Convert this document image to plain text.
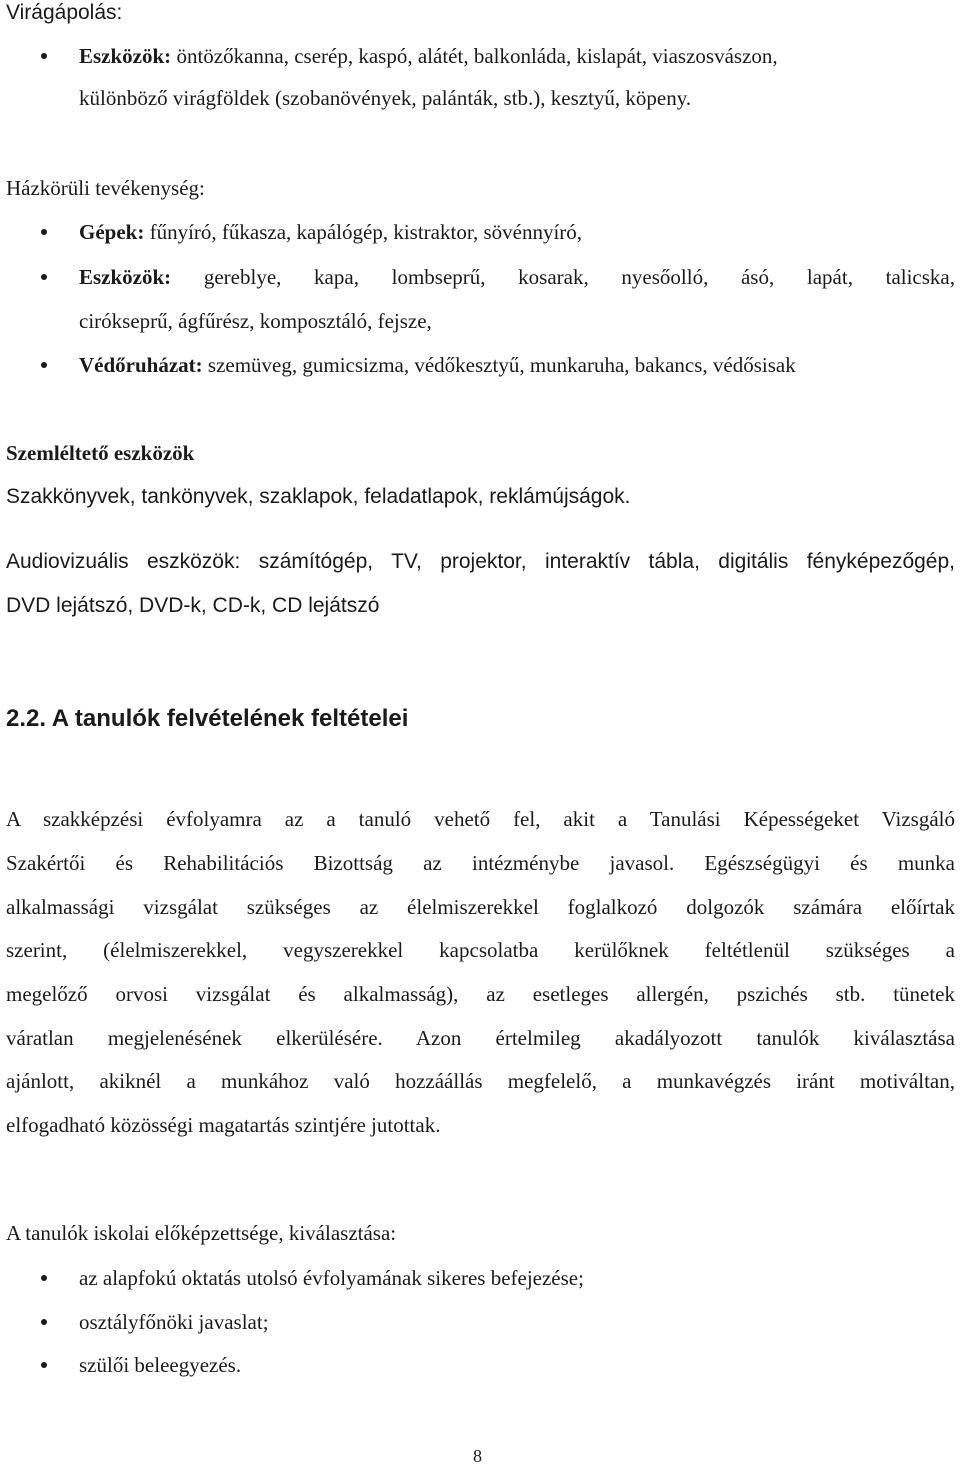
Virágápolás:
Eszközök: öntözőkanna, cserép, kaspó, alátét, balkonláda, kislapát, viaszosvászon,
különböző virágföldek (szobanövények, palánták, stb.), kesztyű, köpeny.
Házkörüli tevékenység:
Gépek: fűnyíró, fűkasza, kapálógép, kistraktor, sövénnyíró,
Eszközök: gereblye, kapa, lombseprű, kosarak, nyesőolló, ásó, lapát, talicska,
cirókseprű, ágfűrész, komposztáló, fejsze,
Védőruházat: szemüveg, gumicsizma, védőkesztyű, munkaruha, bakancs, védősisak
Szemléltető eszközök
Szakkönyvek, tankönyvek, szaklapok, feladatlapok, reklámújságok.
Audiovizuális eszközök: számítógép, TV, projektor, interaktív tábla, digitális fényképezőgép,
DVD lejátszó, DVD-k, CD-k, CD lejátszó
2.2. A tanulók felvételének feltételei
A szakképzési évfolyamra az a tanuló vehető fel, akit a Tanulási Képességeket Vizsgáló
Szakértői és Rehabilitációs Bizottság az intézménybe javasol. Egészségügyi és munka
alkalmassági vizsgálat szükséges az élelmiszerekkel foglalkozó dolgozók számára előírtak
szerint, (élelmiszerekkel, vegyszerekkel kapcsolatba kerülőknek feltétlenül szükséges a
megelőző orvosi vizsgálat és alkalmasság), az esetleges allergén, pszichés stb. tünetek
váratlan megjelenésének elkerülésére. Azon értelmileg akadályozott tanulók kiválasztása
ajánlott, akiknél a munkához való hozzáállás megfelelő, a munkavégzés iránt motiváltan,
elfogadható közösségi magatartás szintjére jutottak.
A tanulók iskolai előképzettsége, kiválasztása:
az alapfokú oktatás utolsó évfolyamának sikeres befejezése;
osztályfőnöki javaslat;
szülői beleegyezés.
8
